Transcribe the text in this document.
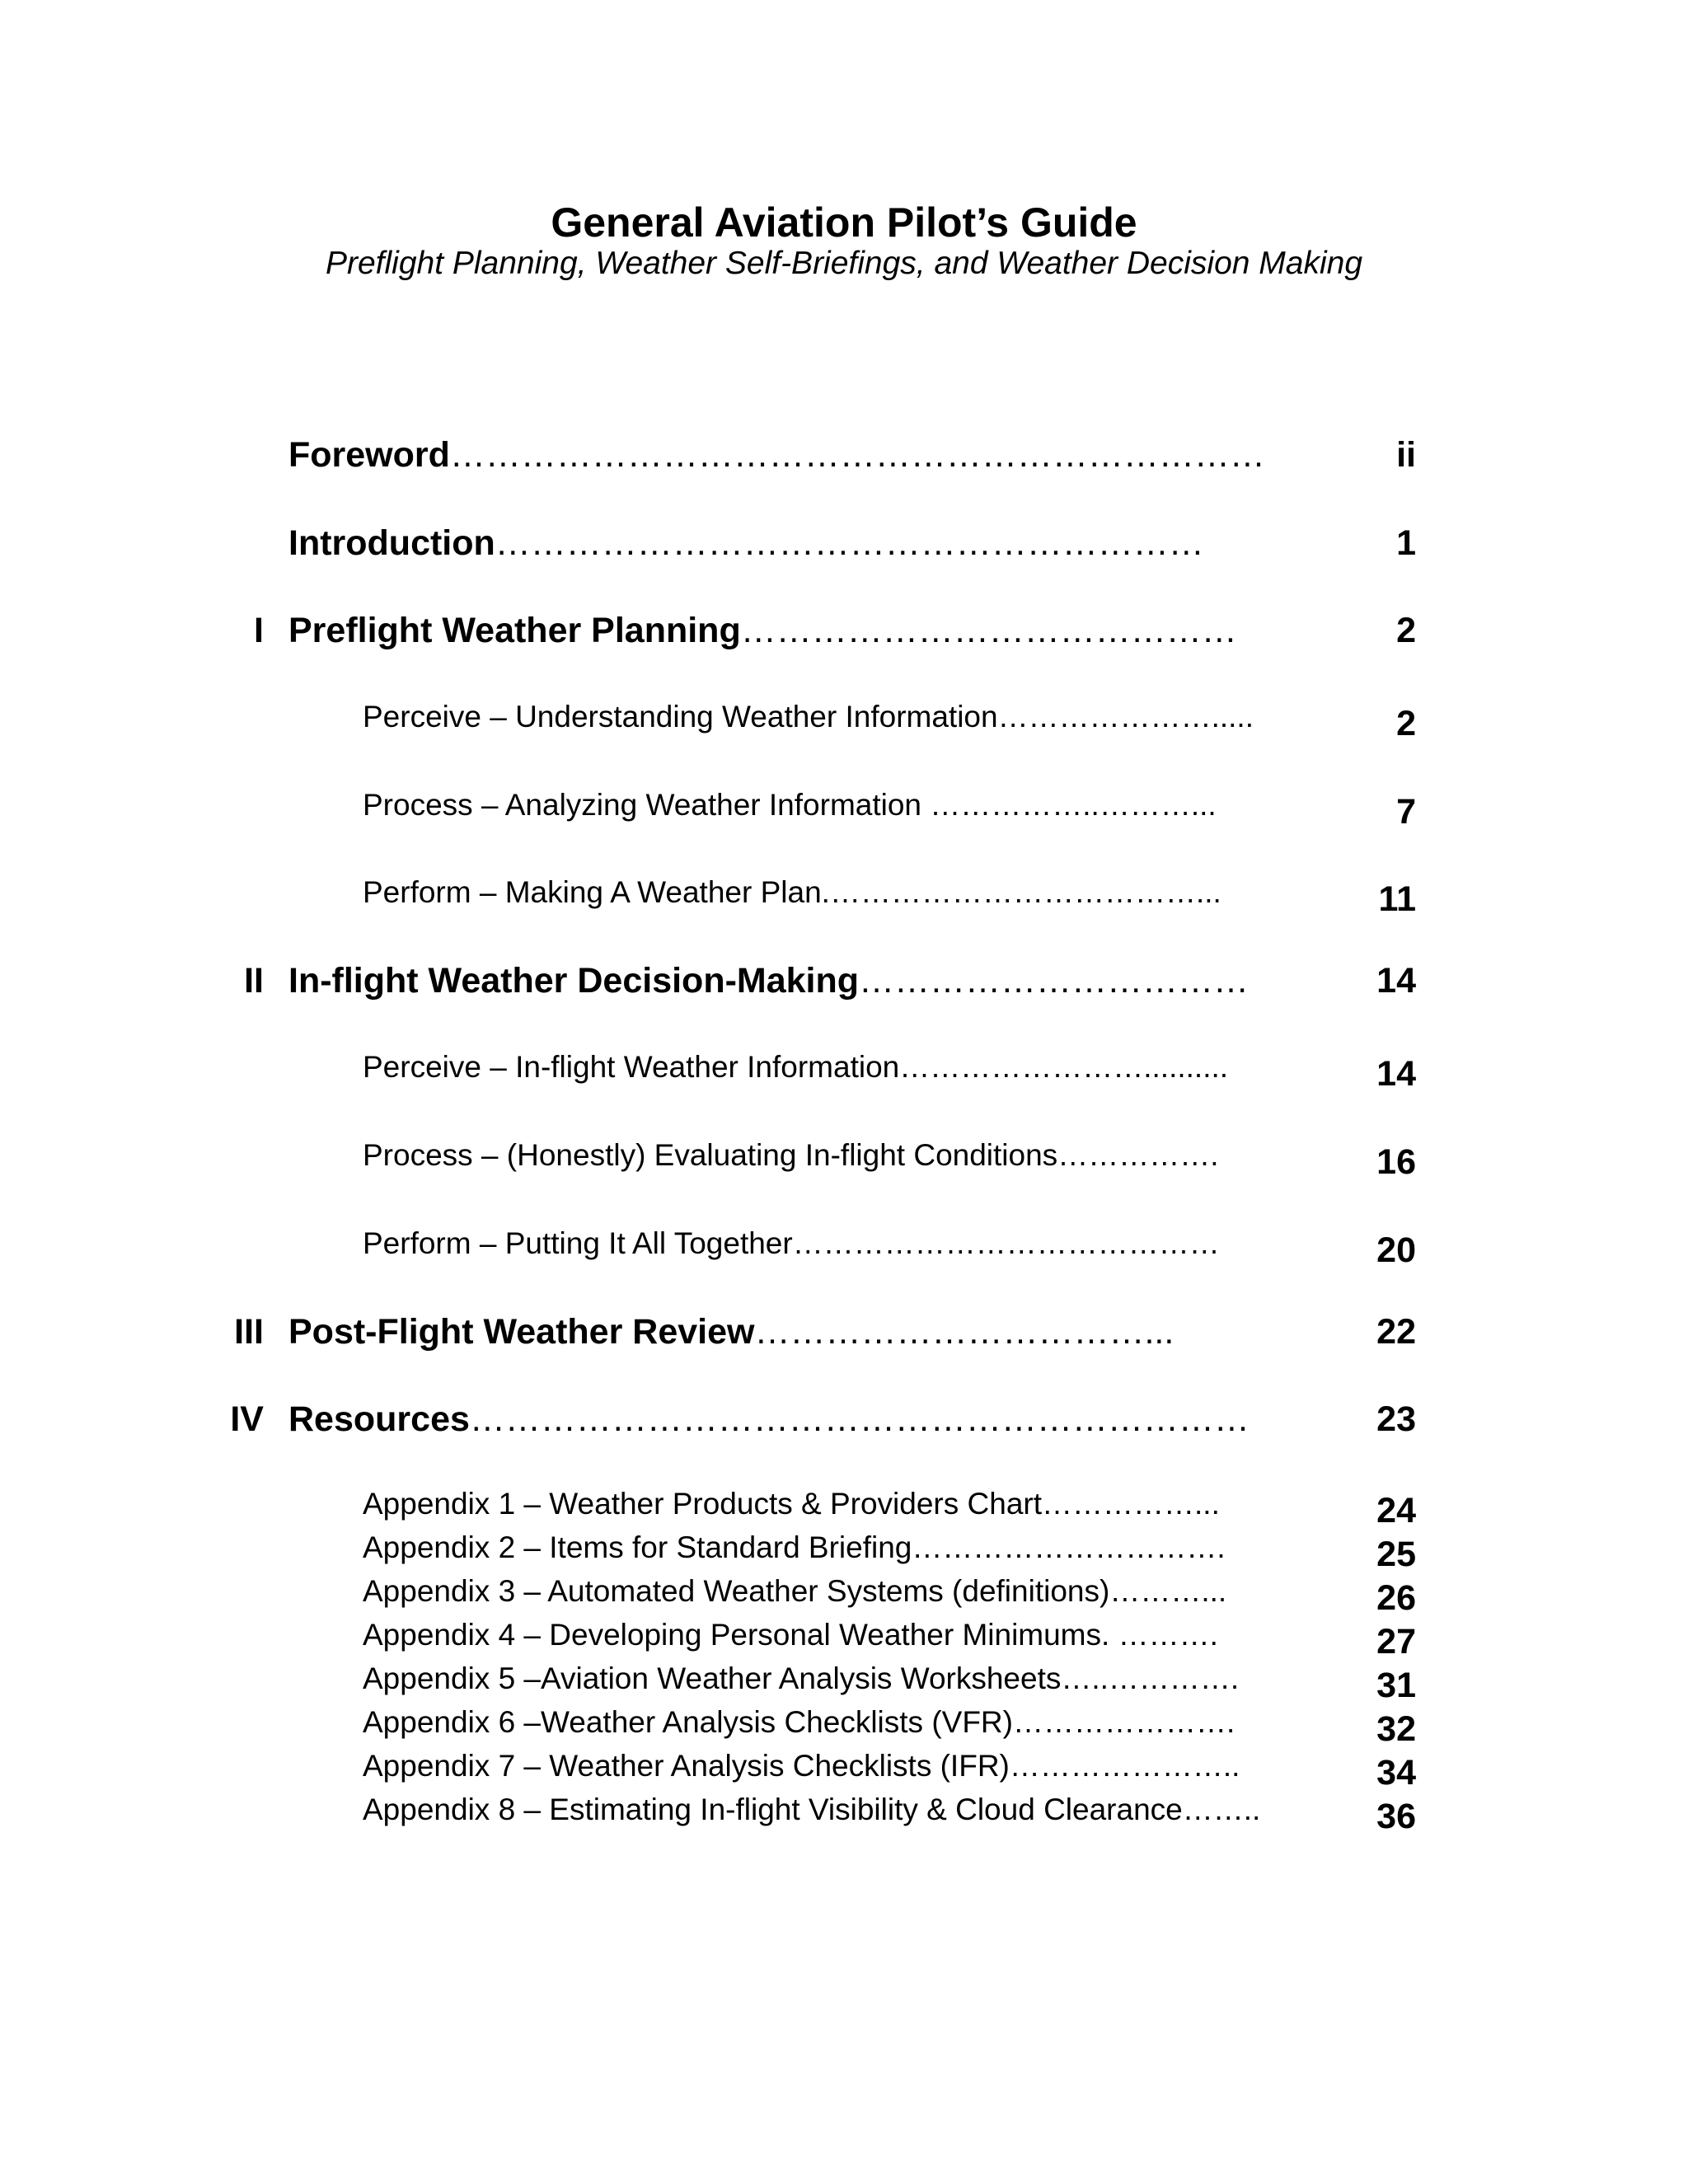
General Aviation Pilot’s Guide
Preflight Planning, Weather Self-Briefings, and Weather Decision Making
Foreword……………………………………………………………	ii
Introduction……………………………………………………	1
I Preflight Weather Planning……………………………………	2
Perceive – Understanding Weather Information………………….....	2
Process – Analyzing Weather Information ……………..………...	7
Perform – Making A Weather Plan.………………………………...	11
II In-flight Weather Decision-Making……………………………	14
Perceive – In-flight Weather Information……………………..........	14
Process – (Honestly) Evaluating In-flight Conditions…………….	16
Perform – Putting It All Together……………………………………	20
III Post-Flight Weather Review……………………………...	22
IV Resources…………………………………………………………	23
Appendix 1 – Weather Products & Providers Chart……………...	24
Appendix 2 – Items for Standard Briefing………………………….	25
Appendix 3 – Automated Weather Systems (definitions)………...	26
Appendix 4 – Developing Personal Weather Minimums. ……….	27
Appendix 5 –Aviation Weather Analysis Worksheets…..………….	31
Appendix 6 –Weather Analysis Checklists (VFR)………………….	32
Appendix 7 – Weather Analysis Checklists (IFR)…………………..	34
Appendix 8 – Estimating In-flight Visibility & Cloud Clearance……..	36
